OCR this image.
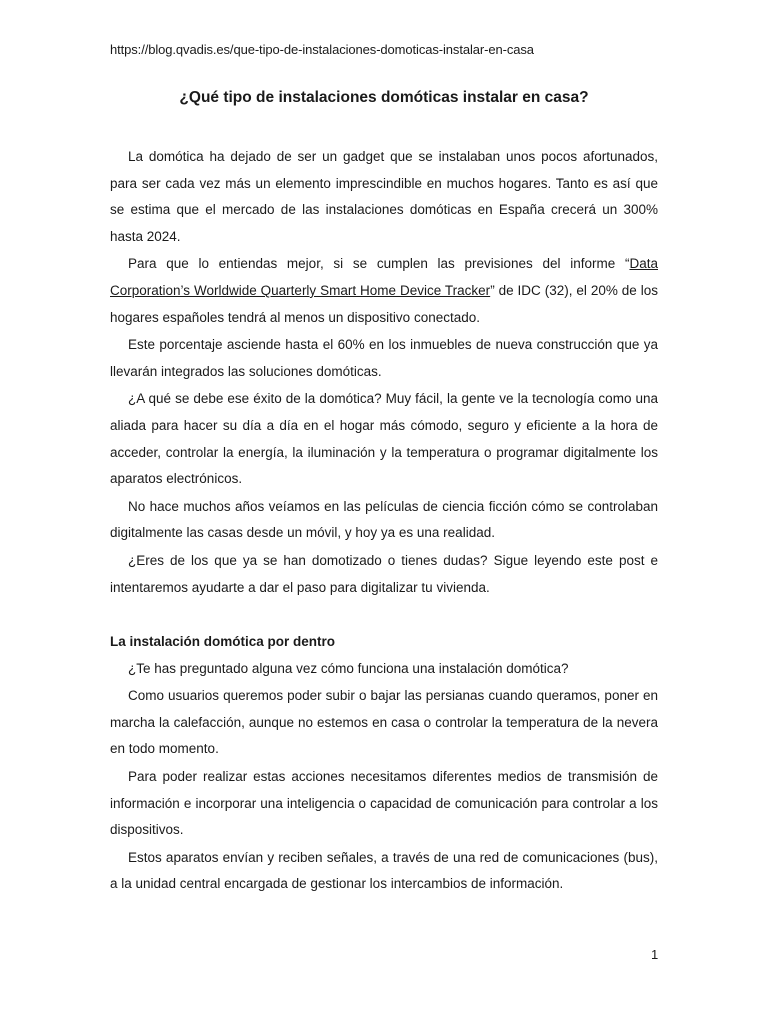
https://blog.qvadis.es/que-tipo-de-instalaciones-domoticas-instalar-en-casa
¿Qué tipo de instalaciones domóticas instalar en casa?

La domótica ha dejado de ser un gadget que se instalaban unos pocos afortunados, para ser cada vez más un elemento imprescindible en muchos hogares. Tanto es así que se estima que el mercado de las instalaciones domóticas en España crecerá un 300% hasta 2024.

Para que lo entiendas mejor, si se cumplen las previsiones del informe “Data Corporation’s Worldwide Quarterly Smart Home Device Tracker” de IDC (32), el 20% de los hogares españoles tendrá al menos un dispositivo conectado.

Este porcentaje asciende hasta el 60% en los inmuebles de nueva construcción que ya llevarán integrados las soluciones domóticas.

¿A qué se debe ese éxito de la domótica? Muy fácil, la gente ve la tecnología como una aliada para hacer su día a día en el hogar más cómodo, seguro y eficiente a la hora de acceder, controlar la energía, la iluminación y la temperatura o programar digitalmente los aparatos electrónicos.

No hace muchos años veíamos en las películas de ciencia ficción cómo se controlaban digitalmente las casas desde un móvil, y hoy ya es una realidad.

¿Eres de los que ya se han domotizado o tienes dudas? Sigue leyendo este post e intentaremos ayudarte a dar el paso para digitalizar tu vivienda.

La instalación domótica por dentro

¿Te has preguntado alguna vez cómo funciona una instalación domótica?

Como usuarios queremos poder subir o bajar las persianas cuando queramos, poner en marcha la calefacción, aunque no estemos en casa o controlar la temperatura de la nevera en todo momento.

Para poder realizar estas acciones necesitamos diferentes medios de transmisión de información e incorporar una inteligencia o capacidad de comunicación para controlar a los dispositivos.

Estos aparatos envían y reciben señales, a través de una red de comunicaciones (bus), a la unidad central encargada de gestionar los intercambios de información.

1
